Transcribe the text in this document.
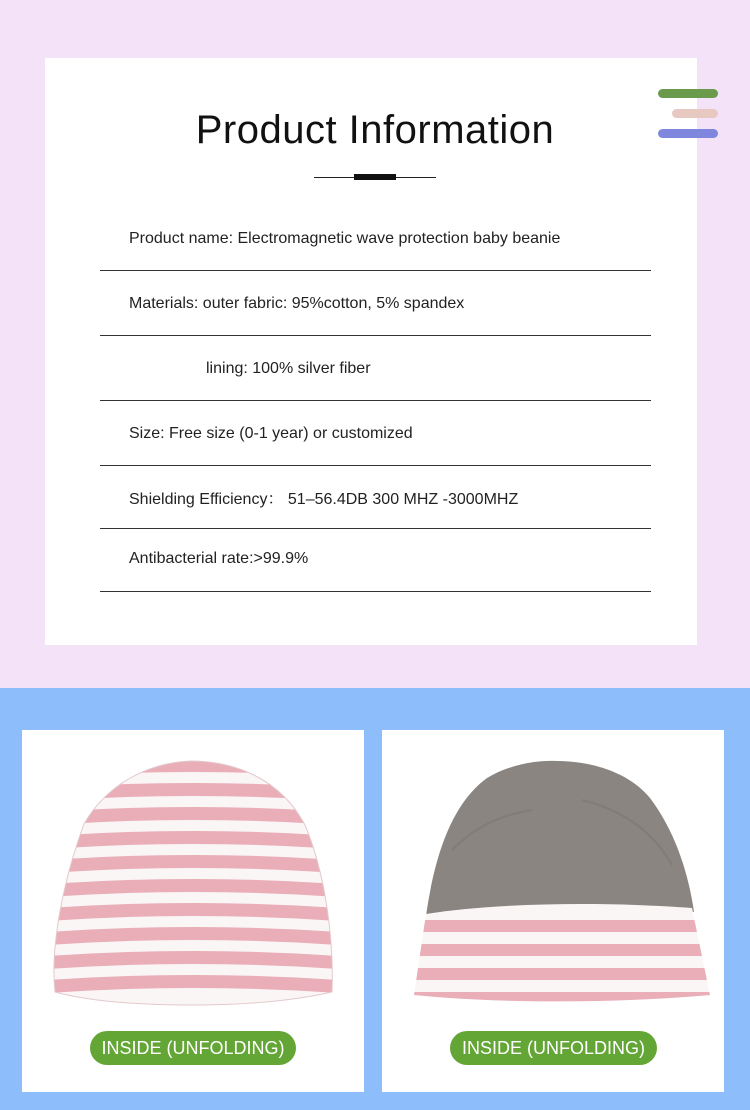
Product Information
Product name: Electromagnetic wave protection baby beanie
Materials: outer fabric: 95%cotton, 5% spandex
lining: 100% silver fiber
Size: Free size (0-1 year) or customized
Shielding Efficiency： 51–56.4DB 300 MHZ -3000MHZ
Antibacterial rate:>99.9%
INSIDE (UNFOLDING)	INSIDE (UNFOLDING)
